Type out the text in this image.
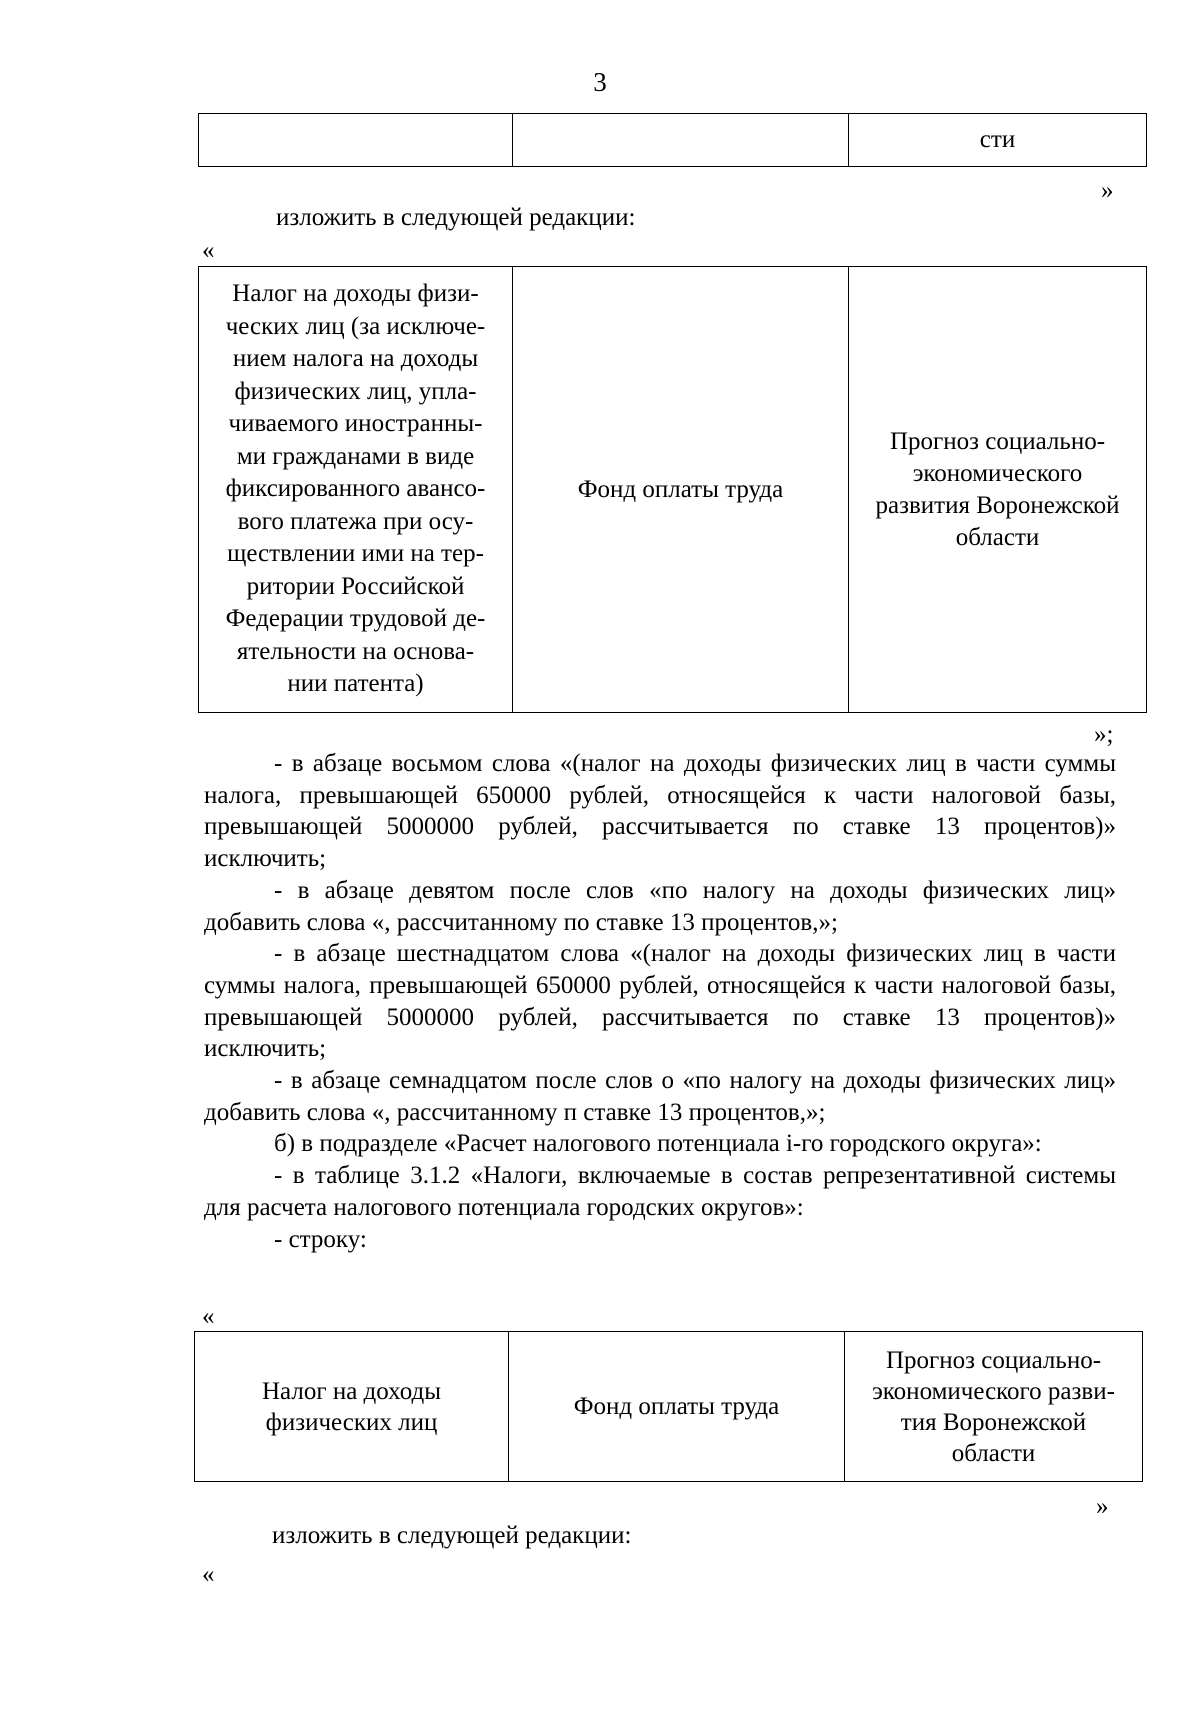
3
		сти
»
изложить в следующей редакции:
«
Налог на доходы физи-
ческих лиц (за исключе-
нием налога на доходы
физических лиц, упла-
чиваемого иностранны-
ми гражданами в виде
фиксированного авансо-
вого платежа при осу-
ществлении ими на тер-
ритории Российской
Федерации трудовой де-
ятельности на основа-
нии патента)	Фонд оплаты труда	Прогноз социально-
экономического
развития Воронежской
области
»;

- в абзаце восьмом слова «(налог на доходы физических лиц в части суммы налога, превышающей 650000 рублей, относящейся к части налоговой базы, превышающей 5000000 рублей, рассчитывается по ставке 13 процентов)» исключить;

- в абзаце девятом после слов «по налогу на доходы физических лиц» добавить слова «, рассчитанному по ставке 13 процентов,»;

- в абзаце шестнадцатом слова «(налог на доходы физических лиц в части суммы налога, превышающей 650000 рублей, относящейся к части налоговой базы, превышающей 5000000 рублей, рассчитывается по ставке 13 процентов)» исключить;

- в абзаце семнадцатом после слов о «по налогу на доходы физических лиц» добавить слова «, рассчитанному п ставке 13 процентов,»;

б) в подразделе «Расчет налогового потенциала i-го городского округа»:

- в таблице 3.1.2 «Налоги, включаемые в состав репрезентативной системы для расчета налогового потенциала городских округов»:

- строку:

«
Налог на доходы
физических лиц	Фонд оплаты труда	Прогноз социально-
экономического разви-
тия Воронежской
области
»
изложить в следующей редакции:
«
